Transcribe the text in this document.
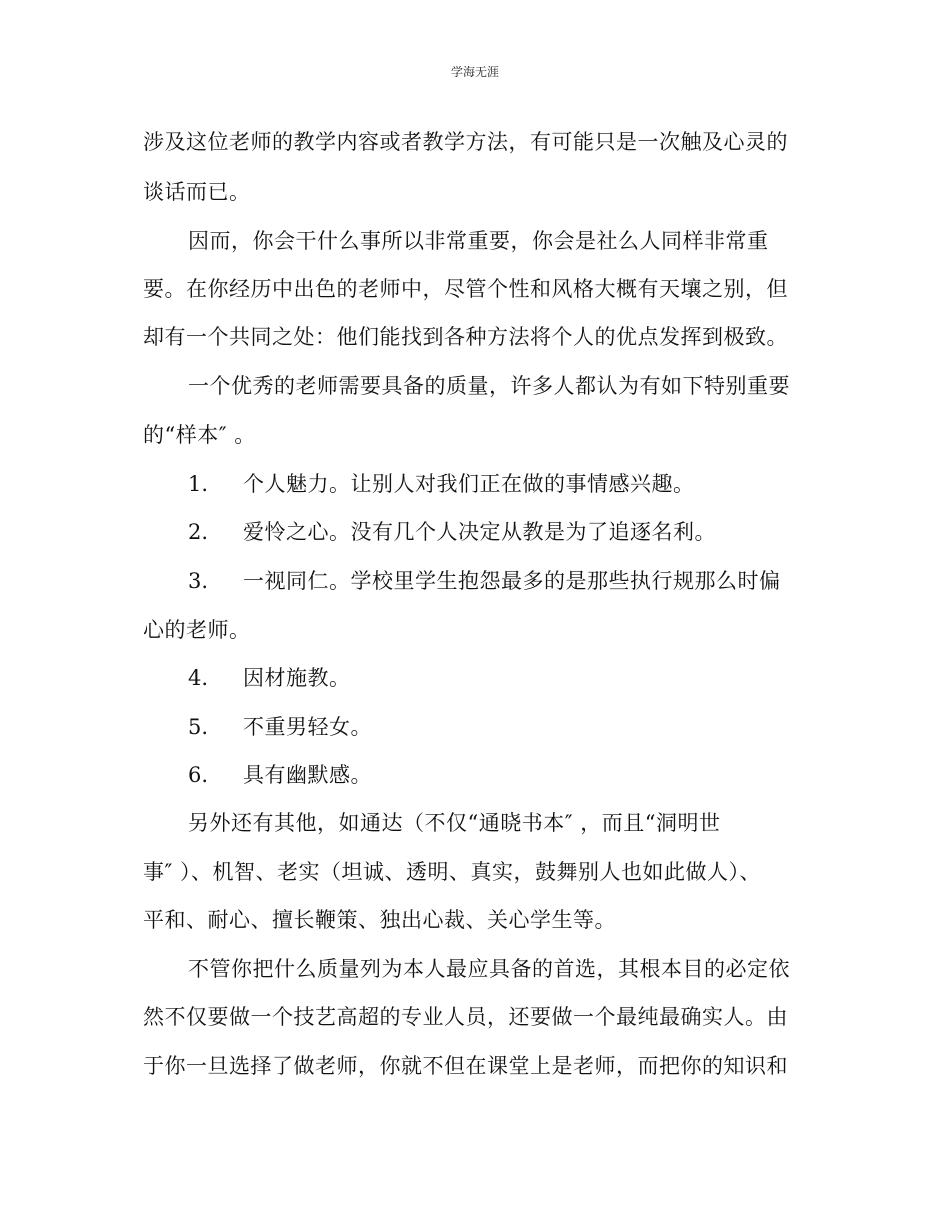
学海无涯
涉及这位老师的教学内容或者教学方法，有可能只是一次触及心灵的
谈话而已。
因而，你会干什么事所以非常重要，你会是社么人同样非常重
要。在你经历中出色的老师中，尽管个性和风格大概有天壤之别，但
却有一个共同之处：他们能找到各种方法将个人的优点发挥到极致。
一个优秀的老师需要具备的质量，许多人都认为有如下特别重要
的“样本″ 。
1. 个人魅力。让别人对我们正在做的事情感兴趣。
2. 爱怜之心。没有几个人决定从教是为了追逐名利。
3. 一视同仁。学校里学生抱怨最多的是那些执行规那么时偏
心的老师。
4. 因材施教。
5. 不重男轻女。
6. 具有幽默感。
另外还有其他，如通达（不仅“通晓书本″ ，而且“洞明世
事″ ）、机智、老实（坦诚、透明、真实，鼓舞别人也如此做人）、
平和、耐心、擅长鞭策、独出心裁、关心学生等。
不管你把什么质量列为本人最应具备的首选，其根本目的必定依
然不仅要做一个技艺高超的专业人员，还要做一个最纯最确实人。由
于你一旦选择了做老师，你就不但在课堂上是老师，而把你的知识和
